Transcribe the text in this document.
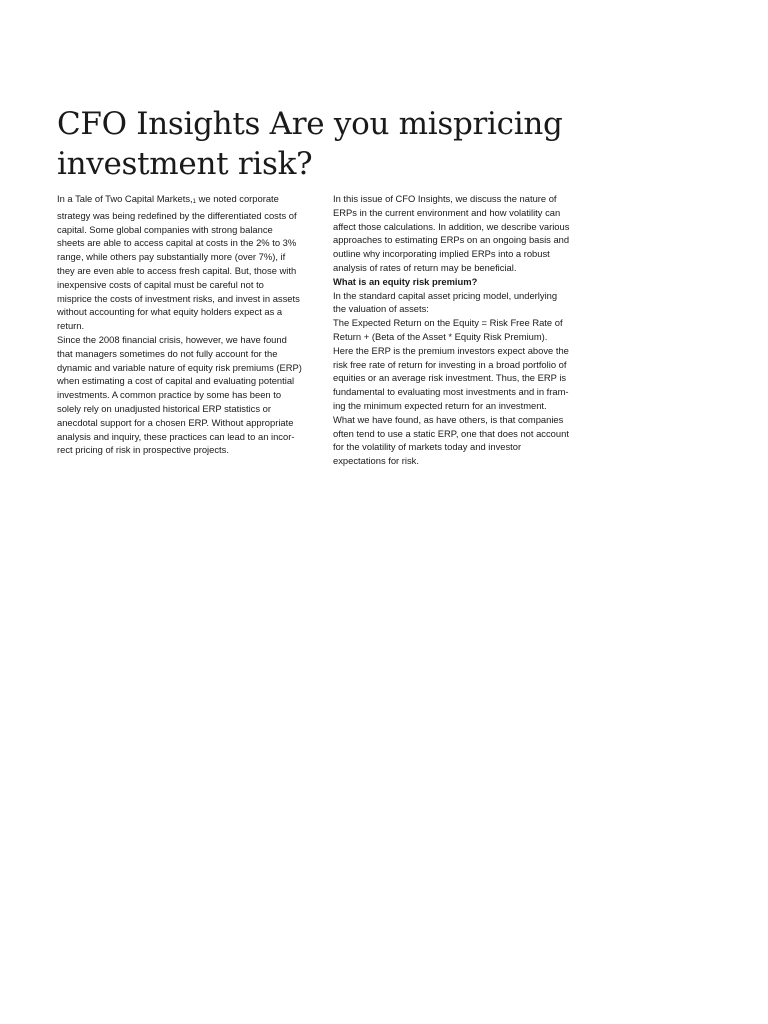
CFO Insights Are you mispricing investment risk?

In a Tale of Two Capital Markets,1 we noted corporate
strategy was being redefined by the differentiated costs of
capital. Some global companies with strong balance
sheets are able to access capital at costs in the 2% to 3%
range, while others pay substantially more (over 7%), if
they are even able to access fresh capital. But, those with
inexpensive costs of capital must be careful not to
misprice the costs of investment risks, and invest in assets
without accounting for what equity holders expect as a
return.

Since the 2008 financial crisis, however, we have found
that managers sometimes do not fully account for the
dynamic and variable nature of equity risk premiums (ERP)
when estimating a cost of capital and evaluating potential
investments. A common practice by some has been to
solely rely on unadjusted historical ERP statistics or
anecdotal support for a chosen ERP. Without appropriate
analysis and inquiry, these practices can lead to an incor-
rect pricing of risk in prospective projects.

In this issue of CFO Insights, we discuss the nature of
ERPs in the current environment and how volatility can
affect those calculations. In addition, we describe various
approaches to estimating ERPs on an ongoing basis and
outline why incorporating implied ERPs into a robust
analysis of rates of return may be beneficial.

What is an equity risk premium?

In the standard capital asset pricing model, underlying
the valuation of assets:

The Expected Return on the Equity = Risk Free Rate of
Return + (Beta of the Asset * Equity Risk Premium).

Here the ERP is the premium investors expect above the
risk free rate of return for investing in a broad portfolio of
equities or an average risk investment. Thus, the ERP is
fundamental to evaluating most investments and in fram-
ing the minimum expected return for an investment.

What we have found, as have others, is that companies
often tend to use a static ERP, one that does not account
for the volatility of markets today and investor
expectations for risk.
